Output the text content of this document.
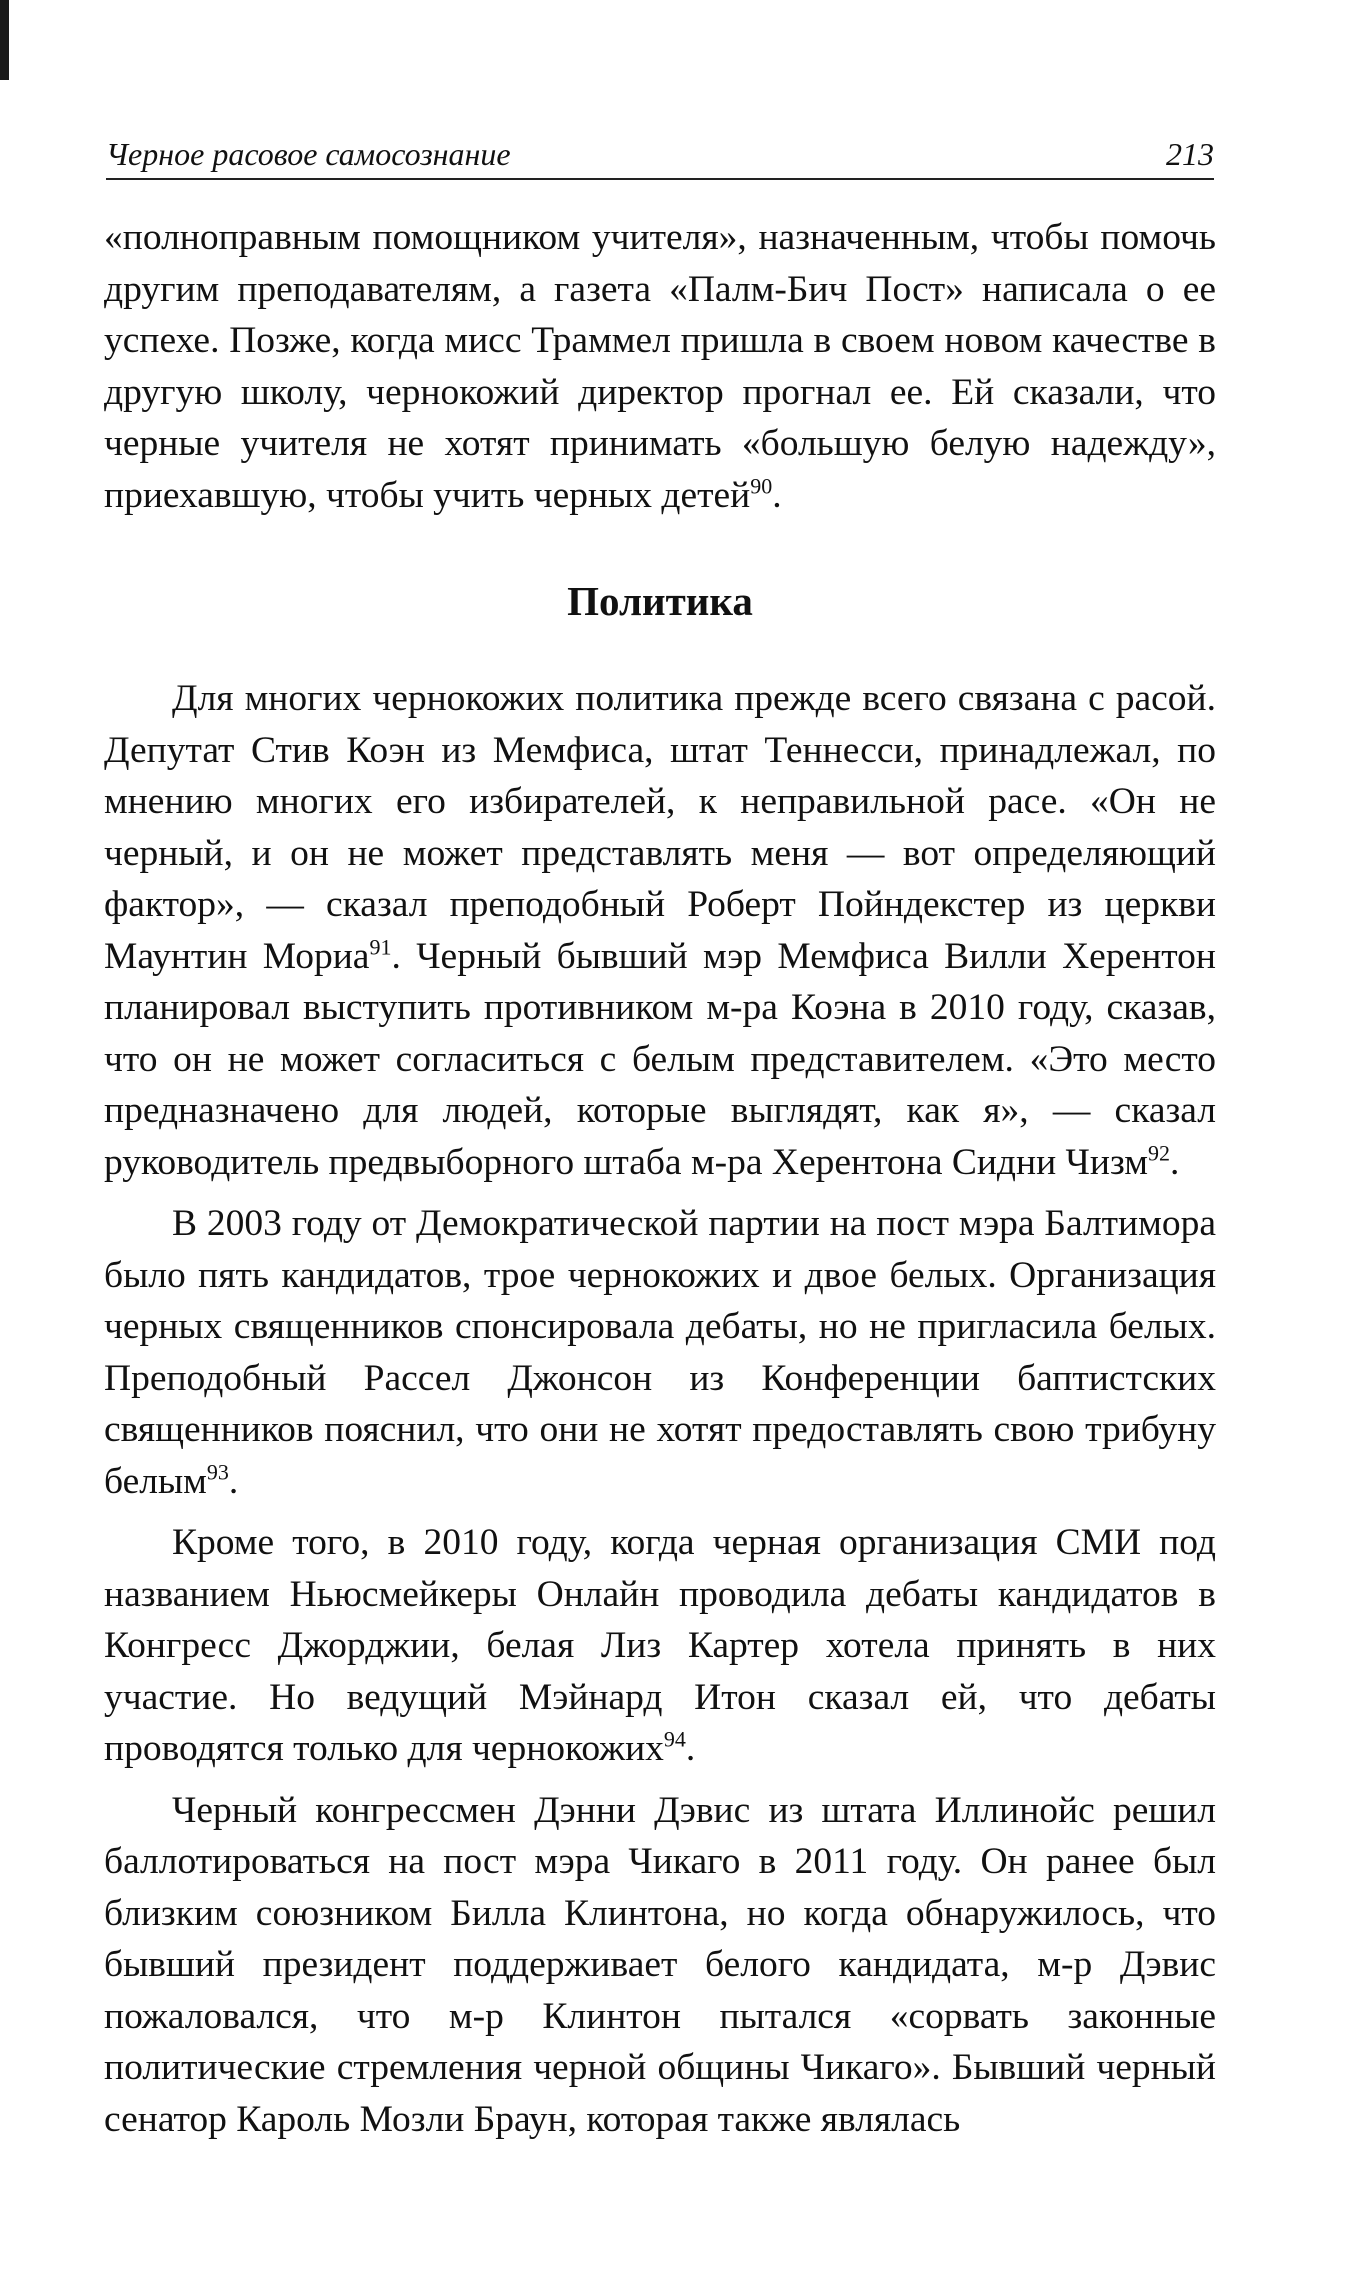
Черное расовое самосознание	213

«полноправным помощником учителя», назначенным, чтобы помочь другим преподавателям, а газета «Палм-Бич Пост» написала о ее успехе. Позже, когда мисс Траммел пришла в своем новом качестве в другую школу, чернокожий директор прогнал ее. Ей сказали, что черные учителя не хотят принимать «большую белую надежду», приехавшую, чтобы учить черных детей$^{90}$.

Политика

Для многих чернокожих политика прежде всего связана с расой. Депутат Стив Коэн из Мемфиса, штат Теннесси, принадлежал, по мнению многих его избирателей, к неправильной расе. «Он не черный, и он не может представлять меня — вот определяющий фактор», — сказал преподобный Роберт Пойндекстер из церкви Маунтин Мориа$^{91}$. Черный бывший мэр Мемфиса Вилли Херентон планировал выступить противником м-ра Коэна в 2010 году, сказав, что он не может согласиться с белым представителем. «Это место предназначено для людей, которые выглядят, как я», — сказал руководитель предвыборного штаба м-ра Херентона Сидни Чизм$^{92}$.

В 2003 году от Демократической партии на пост мэра Балтимора было пять кандидатов, трое чернокожих и двое белых. Организация черных священников спонсировала дебаты, но не пригласила белых. Преподобный Рассел Джонсон из Конференции баптистских священников пояснил, что они не хотят предоставлять свою трибуну белым$^{93}$.

Кроме того, в 2010 году, когда черная организация СМИ под названием Ньюсмейкеры Онлайн проводила дебаты кандидатов в Конгресс Джорджии, белая Лиз Картер хотела принять в них участие. Но ведущий Мэйнард Итон сказал ей, что дебаты проводятся только для чернокожих$^{94}$.

Черный конгрессмен Дэнни Дэвис из штата Иллинойс решил баллотироваться на пост мэра Чикаго в 2011 году. Он ранее был близким союзником Билла Клинтона, но когда обнаружилось, что бывший президент поддерживает белого кандидата, м-р Дэвис пожаловался, что м-р Клинтон пытался «сорвать законные политические стремления черной общины Чикаго». Бывший черный сенатор Кароль Мозли Браун, которая также являлась
